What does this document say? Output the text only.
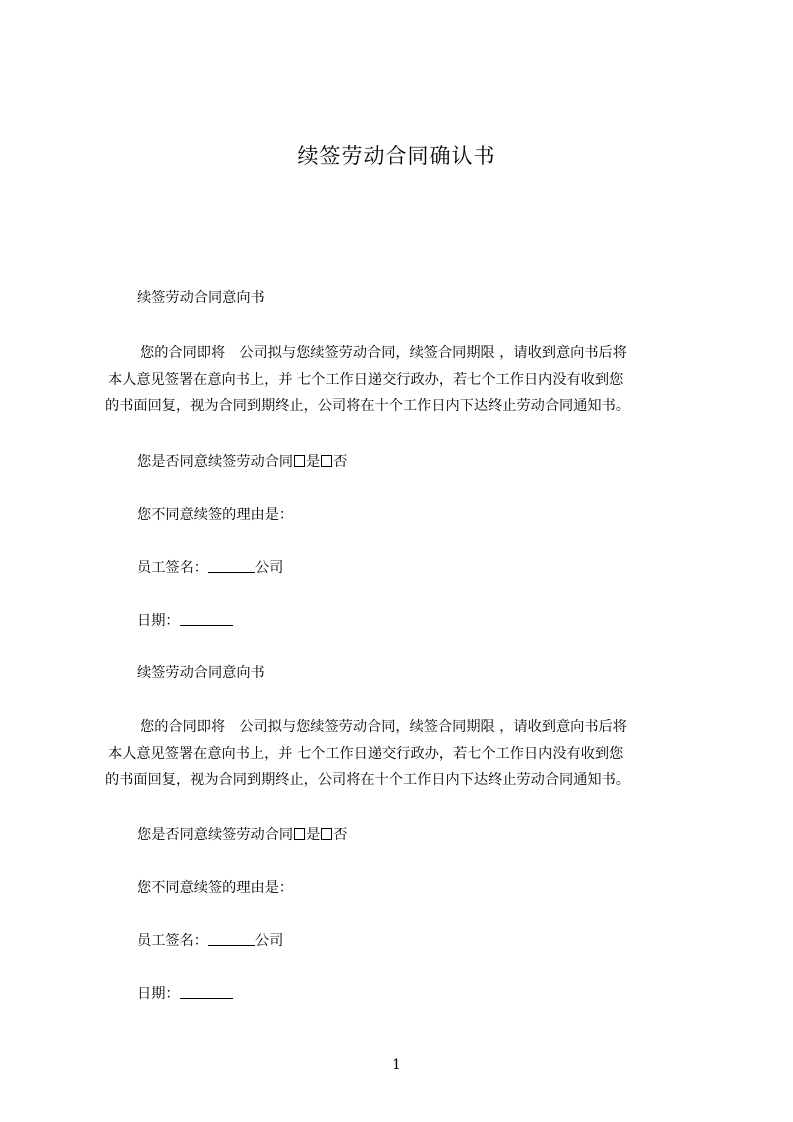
续签劳动合同确认书
续签劳动合同意向书
您的合同即将　公司拟与您续签劳动合同，续签合同期限 ，请收到意向书后将
本人意见签署在意向书上，并 七个工作日递交行政办，若七个工作日内没有收到您
的书面回复，视为合同到期终止，公司将在十个工作日内下达终止劳动合同通知书。
您是否同意续签劳动合同 是 否
您不同意续签的理由是：
员工签名：	公司
日期：
续签劳动合同意向书
您的合同即将　公司拟与您续签劳动合同，续签合同期限 ，请收到意向书后将
本人意见签署在意向书上，并 七个工作日递交行政办，若七个工作日内没有收到您
的书面回复，视为合同到期终止，公司将在十个工作日内下达终止劳动合同通知书。
您是否同意续签劳动合同 是 否
您不同意续签的理由是：
员工签名：	公司
日期：
1
